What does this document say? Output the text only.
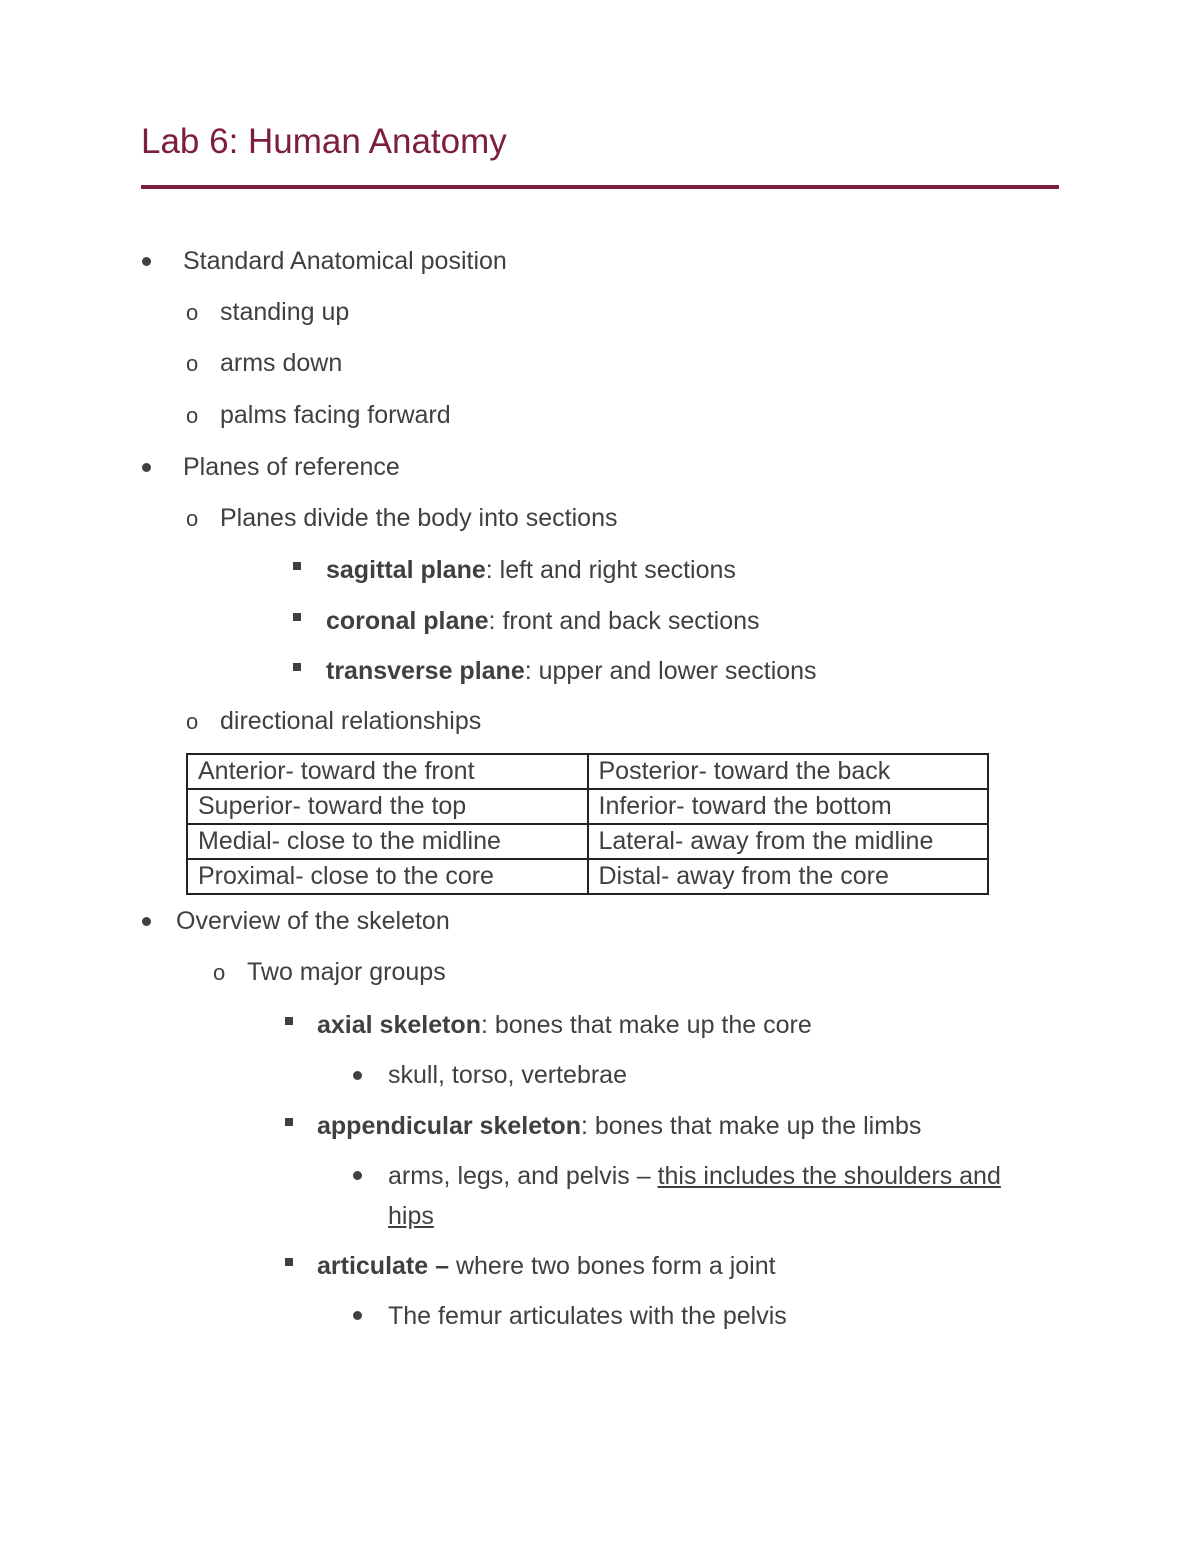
Lab 6: Human Anatomy
Standard Anatomical position
o standing up
o arms down
o palms facing forward
Planes of reference
o Planes divide the body into sections
sagittal plane: left and right sections
coronal plane: front and back sections
transverse plane: upper and lower sections
o directional relationships
Anterior- toward the front	Posterior- toward the back
Superior- toward the top	Inferior- toward the bottom
Medial- close to the midline	Lateral- away from the midline
Proximal- close to the core	Distal- away from the core
Overview of the skeleton
o Two major groups
axial skeleton: bones that make up the core
skull, torso, vertebrae
appendicular skeleton: bones that make up the limbs
arms, legs, and pelvis – this includes the shoulders and
hips
articulate – where two bones form a joint
The femur articulates with the pelvis
